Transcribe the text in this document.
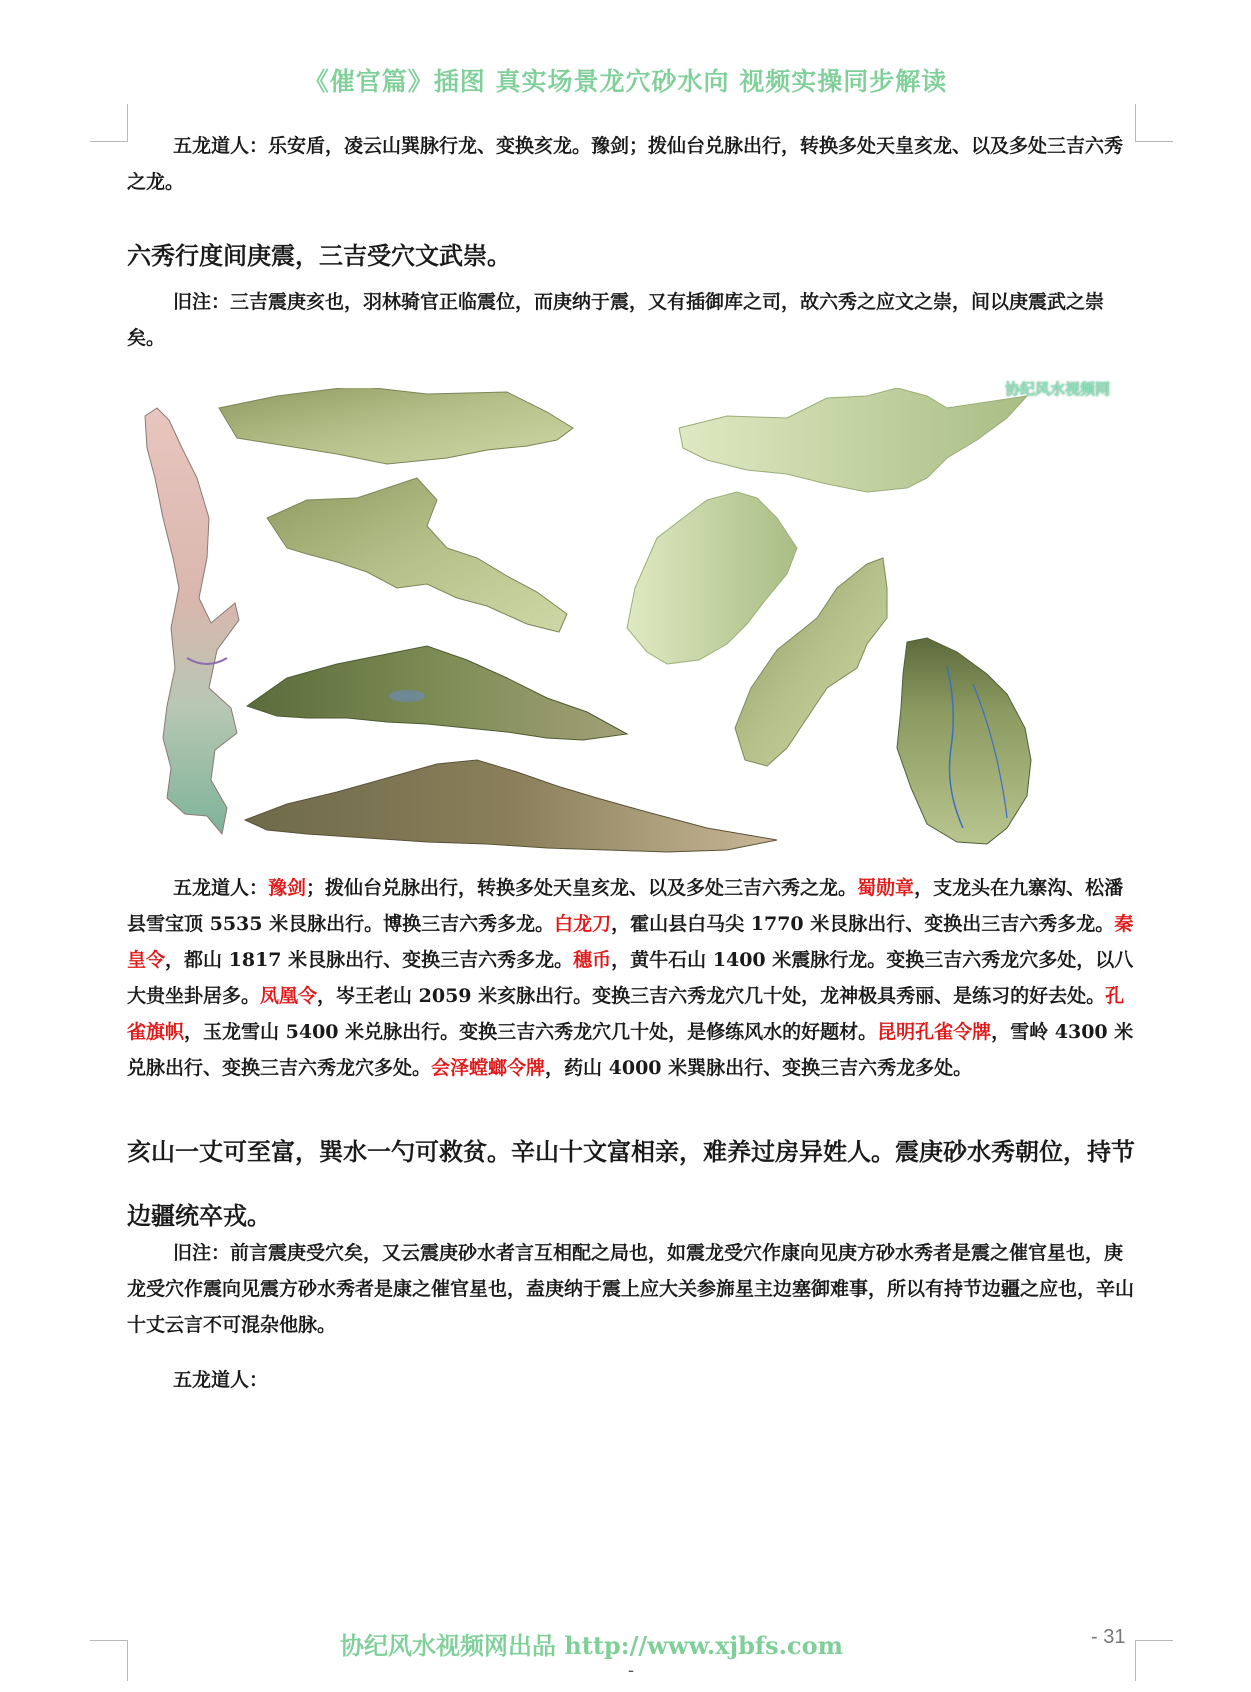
《催官篇》插图 真实场景龙穴砂水向 视频实操同步解读

五龙道人：乐安盾，凌云山巽脉行龙、变换亥龙。豫剑；拨仙台兑脉出行，转换多处天皇亥龙、以及多处三吉六秀之龙。

六秀行度间庚震，三吉受穴文武崇。

旧注：三吉震庚亥也，羽林骑官正临震位，而庚纳于震，又有插御库之司，故六秀之应文之崇，间以庚震武之崇矣。

协纪风水视频网

五龙道人：豫剑；拨仙台兑脉出行，转换多处天皇亥龙、以及多处三吉六秀之龙。蜀勋章，支龙头在九寨沟、松潘县雪宝顶 5535 米艮脉出行。博换三吉六秀多龙。白龙刀，霍山县白马尖 1770 米艮脉出行、变换出三吉六秀多龙。秦皇令，都山 1817 米艮脉出行、变换三吉六秀多龙。穗币，黄牛石山 1400 米震脉行龙。变换三吉六秀龙穴多处，以八大贵坐卦居多。凤凰令，岑王老山 2059 米亥脉出行。变换三吉六秀龙穴几十处，龙神极具秀丽、是练习的好去处。孔雀旗帜，玉龙雪山 5400 米兑脉出行。变换三吉六秀龙穴几十处，是修练风水的好题材。昆明孔雀令牌，雪岭 4300 米兑脉出行、变换三吉六秀龙穴多处。会泽螳螂令牌，药山 4000 米巽脉出行、变换三吉六秀龙多处。

亥山一丈可至富，巽水一勺可救贫。辛山十文富相亲，难养过房异姓人。震庚砂水秀朝位，持节边疆统卒戎。

旧注：前言震庚受穴矣，又云震庚砂水者言互相配之局也，如震龙受穴作康向见庚方砂水秀者是震之催官星也，庚龙受穴作震向见震方砂水秀者是康之催官星也，盍庚纳于震上应大关参旆星主边塞御难事，所以有持节边疆之应也，辛山十丈云言不可混杂他脉。

五龙道人：

协纪风水视频网出品 http://www.xjbfs.com	- 31
-
